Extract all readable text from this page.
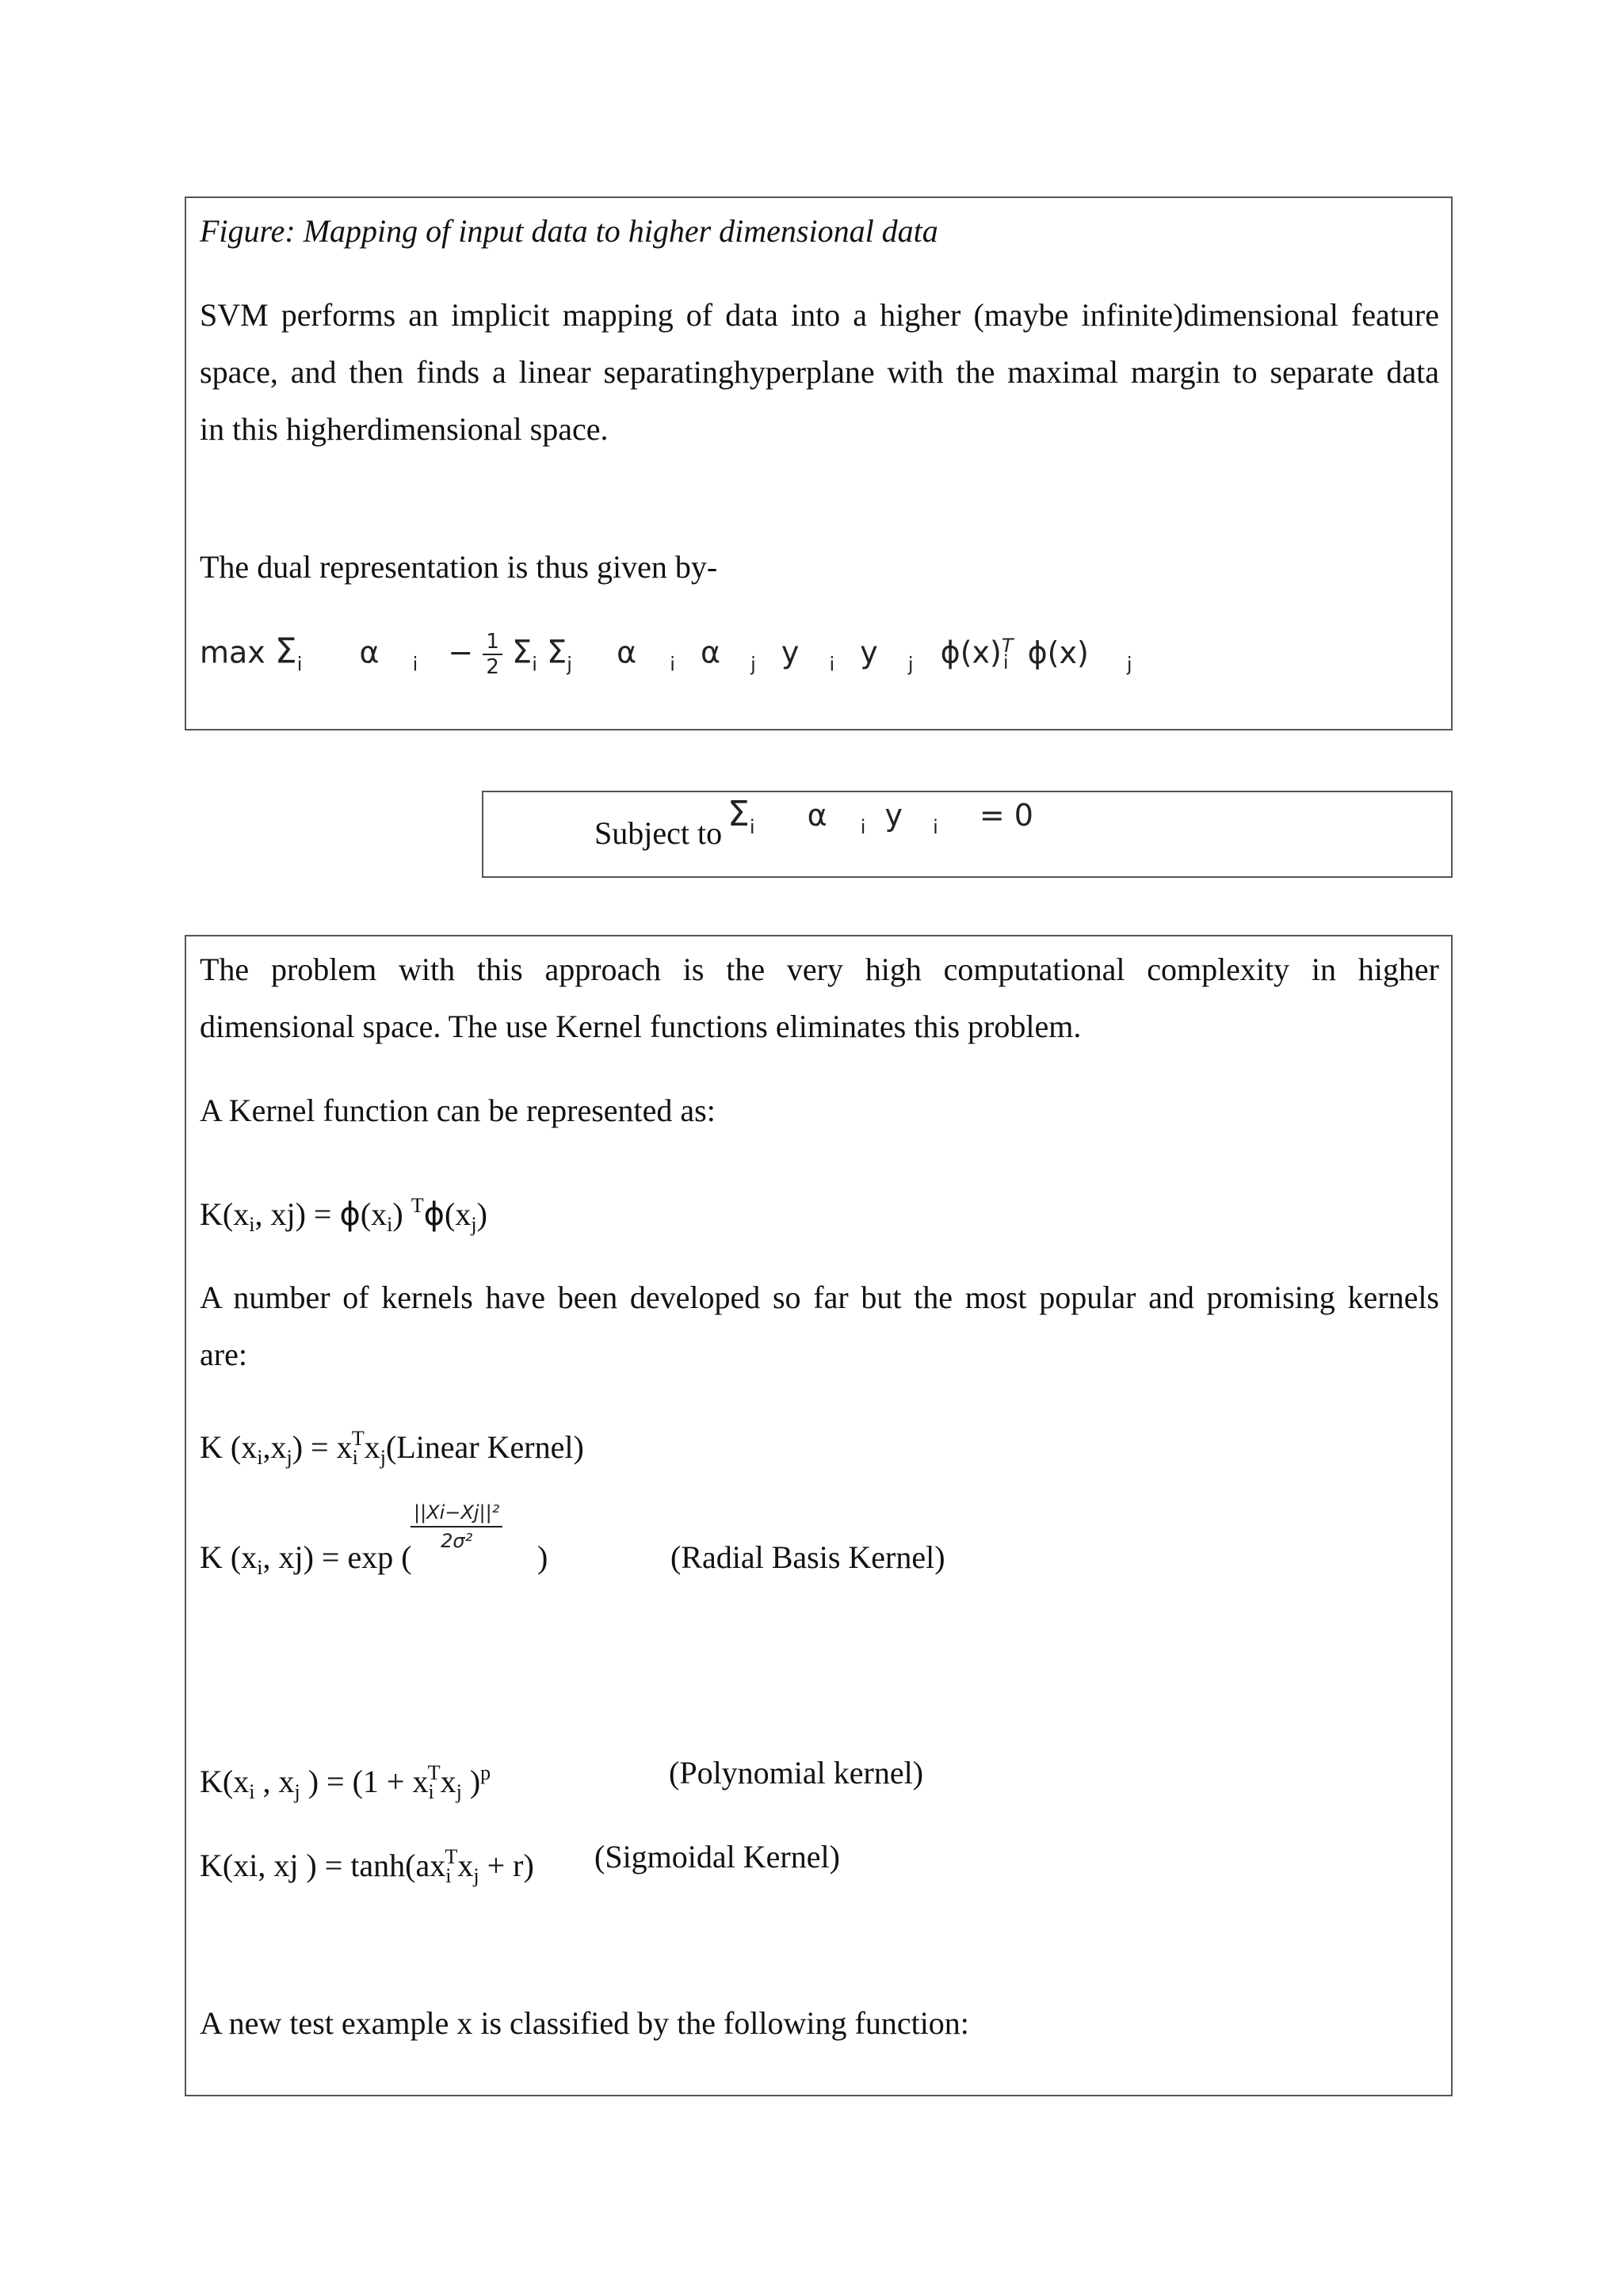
Figure: Mapping of input data to higher dimensional data
SVM performs an implicit mapping of data into a higher (maybe infinite)dimensional feature
space, and then finds a linear separatinghyperplane with the maximal margin to separate data
in this higherdimensional space.
The dual representation is thus given by-
$\max \Sigma_i$ α $_i - \frac{1}{2} \Sigma_i$ $\Sigma_j$ α $_i$ α $_j$ y $_i$ y $_j$ ϕ(x) i
$^T$ ϕ(x) $_j$
Subject to $\Sigma_i$ α $_i$ y $_i$ = 0
The problem with this approach is the very high computational complexity in higher
dimensional space. The use Kernel functions eliminates this problem.
A Kernel function can be represented as:
$K(x_i$, $xj) = \phi(x_i)$ $^T\phi(x_j)$
A number of kernels have been developed so far but the most popular and promising kernels
are:
K $(x_i,x_j)$ = $x_i^Tx_j(Linear$ Kernel)
K ($x_i$, xj) = exp (
$\frac{\text{||Xi−Xj||²}}{\text{2σ²}}$
)	(Radial Basis Kernel)
$K(x_i$ , $x_j$ ) = ($1 + x_i^Tx_j$ )$^p$	(Polynomial kernel)
K(xi, xj ) = $\tanh(ax_i^Tx_j + r)$ (Sigmoidal Kernel)
A new test example x is classified by the following function:
